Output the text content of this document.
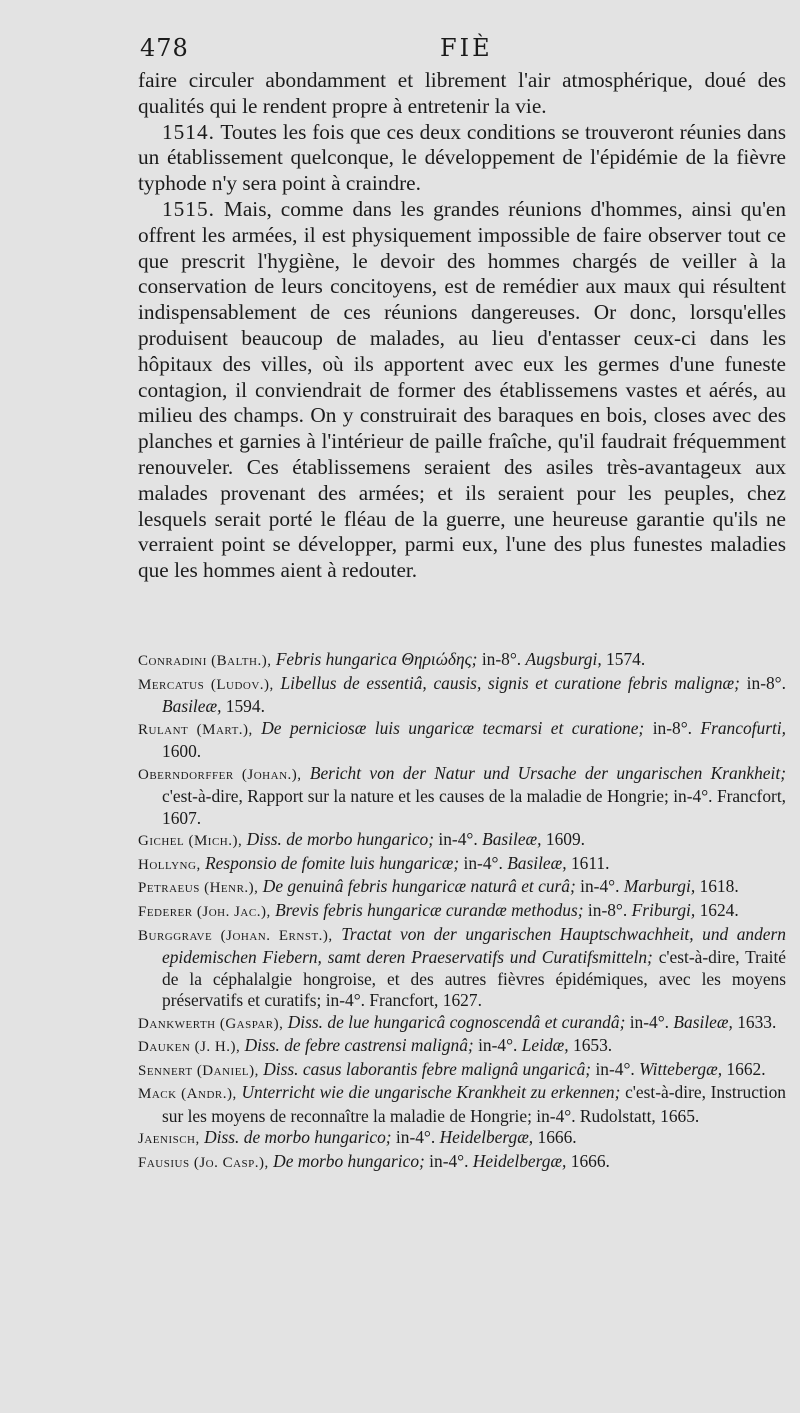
478	FIÈ

faire circuler abondamment et librement l'air atmosphérique, doué des qualités qui le rendent propre à entretenir la vie.

1514. Toutes les fois que ces deux conditions se trouveront réunies dans un établissement quelconque, le développement de l'épidémie de la fièvre typhode n'y sera point à craindre.

1515. Mais, comme dans les grandes réunions d'hommes, ainsi qu'en offrent les armées, il est physiquement impossible de faire observer tout ce que prescrit l'hygiène, le devoir des hommes chargés de veiller à la conservation de leurs concitoyens, est de remédier aux maux qui résultent indispensablement de ces réunions dangereuses. Or donc, lorsqu'elles produisent beaucoup de malades, au lieu d'entasser ceux-ci dans les hôpitaux des villes, où ils apportent avec eux les germes d'une funeste contagion, il conviendrait de former des établissemens vastes et aérés, au milieu des champs. On y construirait des baraques en bois, closes avec des planches et garnies à l'intérieur de paille fraîche, qu'il faudrait fréquemment renouveler. Ces établissemens seraient des asiles très-avantageux aux malades provenant des armées; et ils seraient pour les peuples, chez lesquels serait porté le fléau de la guerre, une heureuse garantie qu'ils ne verraient point se développer, parmi eux, l'une des plus funestes maladies que les hommes aient à redouter.

Conradini (Balth.), Febris hungarica Θηριώδης; in-8°. Augsburgi, 1574.

Mercatus (Ludov.), Libellus de essentiâ, causis, signis et curatione febris malignæ; in-8°. Basileæ, 1594.

Rulant (Mart.), De perniciosæ luis ungaricæ tecmarsi et curatione; in-8°. Francofurti, 1600.

Oberndorffer (Johan.), Bericht von der Natur und Ursache der ungarischen Krankheit; c'est-à-dire, Rapport sur la nature et les causes de la maladie de Hongrie; in-4°. Francfort, 1607.

Gichel (Mich.), Diss. de morbo hungarico; in-4°. Basileæ, 1609.

Hollyng, Responsio de fomite luis hungaricæ; in-4°. Basileæ, 1611.

Petraeus (Henr.), De genuinâ febris hungaricæ naturâ et curâ; in-4°. Marburgi, 1618.

Federer (Joh. Jac.), Brevis febris hungaricæ curandæ methodus; in-8°. Friburgi, 1624.

Burggrave (Johan. Ernst.), Tractat von der ungarischen Hauptschwachheit, und andern epidemischen Fiebern, samt deren Praeservatifs und Curatifsmitteln; c'est-à-dire, Traité de la céphalalgie hongroise, et des autres fièvres épidémiques, avec les moyens préservatifs et curatifs; in-4°. Francfort, 1627.

Dankwerth (Gaspar), Diss. de lue hungaricâ cognoscendâ et curandâ; in-4°. Basileæ, 1633.

Dauken (J. H.), Diss. de febre castrensi malignâ; in-4°. Leidæ, 1653.

Sennert (Daniel), Diss. casus laborantis febre malignâ ungaricâ; in-4°. Wittebergæ, 1662.

Mack (Andr.), Unterricht wie die ungarische Krankheit zu erkennen; c'est-à-dire, Instruction sur les moyens de reconnaître la maladie de Hongrie; in-4°. Rudolstatt, 1665.

Jaenisch, Diss. de morbo hungarico; in-4°. Heidelbergæ, 1666.

Fausius (Jo. Casp.), De morbo hungarico; in-4°. Heidelbergæ, 1666.
